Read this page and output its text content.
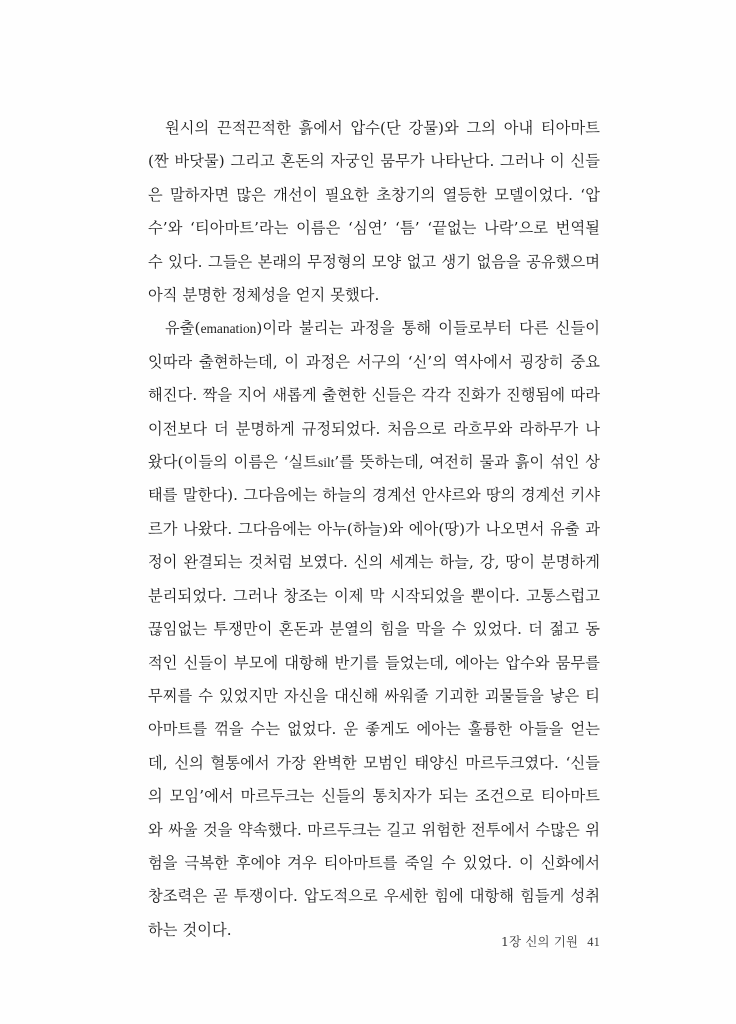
원시의 끈적끈적한 흙에서 압수(단 강물)와 그의 아내 티아마트(짠 바닷물) 그리고 혼돈의 자궁인 뭄무가 나타난다. 그러나 이 신들은 말하자면 많은 개선이 필요한 초창기의 열등한 모델이었다. ‘압수’와 ‘티아마트’라는 이름은 ‘심연’ ‘틈’ ‘끝없는 나락’으로 번역될 수 있다. 그들은 본래의 무정형의 모양 없고 생기 없음을 공유했으며 아직 분명한 정체성을 얻지 못했다.

유출(emanation)이라 불리는 과정을 통해 이들로부터 다른 신들이 잇따라 출현하는데, 이 과정은 서구의 ‘신’의 역사에서 굉장히 중요해진다. 짝을 지어 새롭게 출현한 신들은 각각 진화가 진행됨에 따라 이전보다 더 분명하게 규정되었다. 처음으로 라흐무와 라하무가 나왔다(이들의 이름은 ‘실트silt’를 뜻하는데, 여전히 물과 흙이 섞인 상태를 말한다). 그다음에는 하늘의 경계선 안샤르와 땅의 경계선 키샤르가 나왔다. 그다음에는 아누(하늘)와 에아(땅)가 나오면서 유출 과정이 완결되는 것처럼 보였다. 신의 세계는 하늘, 강, 땅이 분명하게 분리되었다. 그러나 창조는 이제 막 시작되었을 뿐이다. 고통스럽고 끊임없는 투쟁만이 혼돈과 분열의 힘을 막을 수 있었다. 더 젊고 동적인 신들이 부모에 대항해 반기를 들었는데, 에아는 압수와 뭄무를 무찌를 수 있었지만 자신을 대신해 싸워줄 기괴한 괴물들을 낳은 티아마트를 꺾을 수는 없었다. 운 좋게도 에아는 훌륭한 아들을 얻는데, 신의 혈통에서 가장 완벽한 모범인 태양신 마르두크였다. ‘신들의 모임’에서 마르두크는 신들의 통치자가 되는 조건으로 티아마트와 싸울 것을 약속했다. 마르두크는 길고 위험한 전투에서 수많은 위험을 극복한 후에야 겨우 티아마트를 죽일 수 있었다. 이 신화에서 창조력은 곧 투쟁이다. 압도적으로 우세한 힘에 대항해 힘들게 성취하는 것이다.

1장 신의 기원 41
